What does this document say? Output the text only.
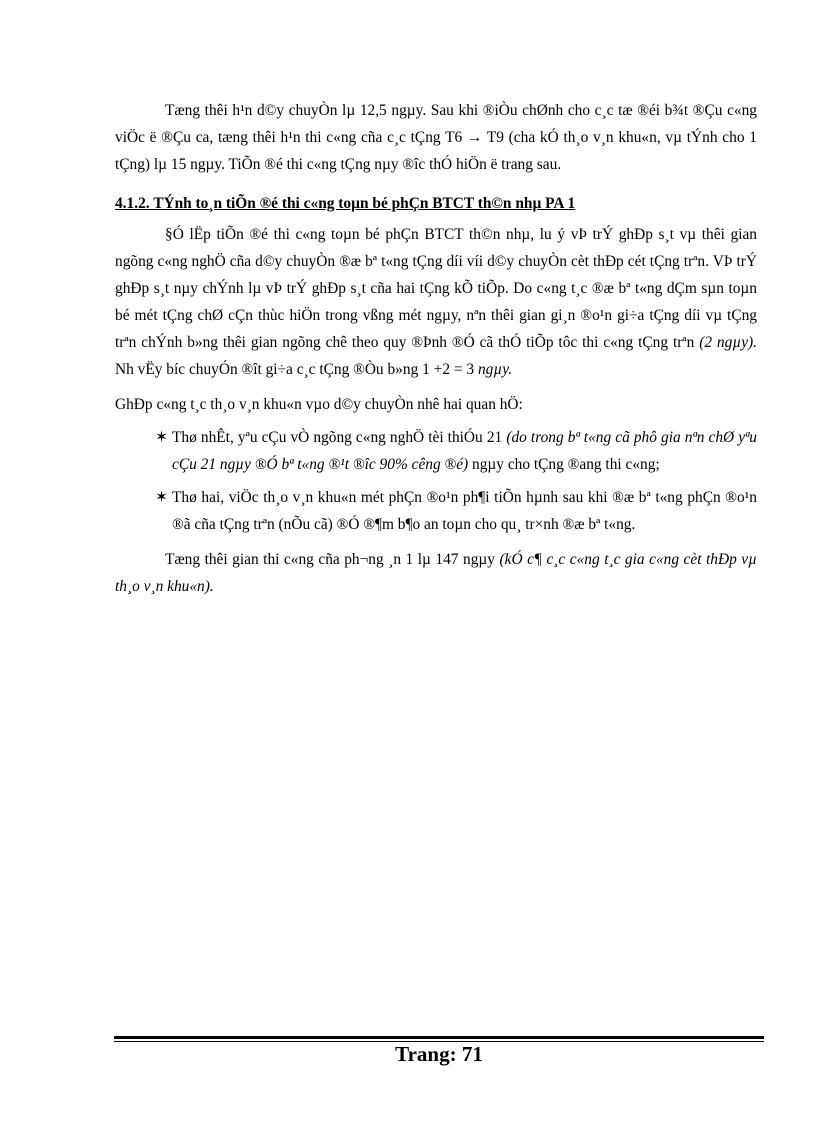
Tæng thêi h¹n d©y chuyÒn lµ 12,5 ngµy. Sau khi ®iÒu chØnh cho c¸c tæ ®éi b¾t ®Çu c«ng viÖc ë ®Çu ca, tæng thêi h¹n thi c«ng cña c¸c tÇng T6 → T9 (cha kÓ th¸o v¸n khu«n, vµ tÝnh cho 1 tÇng) lµ 15 ngµy. TiÕn ®é thi c«ng tÇng nµy ®îc thÓ hiÖn ë trang sau.

4.1.2. TÝnh to¸n tiÕn ®é thi c«ng toµn bé phÇn BTCT th©n nhµ PA 1

§Ó lËp tiÕn ®é thi c«ng toµn bé phÇn BTCT th©n nhµ, lu ý vÞ trÝ ghÐp s¸t vµ thêi gian ngõng c«ng nghÖ cña d©y chuyÒn ®æ bª t«ng tÇng díi víi d©y chuyÒn cèt thÐp cét tÇng trªn. VÞ trÝ ghÐp s¸t nµy chÝnh lµ vÞ trÝ ghÐp s¸t cña hai tÇng kÕ tiÕp. Do c«ng t¸c ®æ bª t«ng dÇm sµn toµn bé mét tÇng chØ cÇn thùc hiÖn trong vßng mét ngµy, nªn thêi gian gi¸n ®o¹n gi÷a tÇng díi vµ tÇng trªn chÝnh b»ng thêi gian ngõng chê theo quy ®Þnh ®Ó cã thÓ tiÕp tôc thi c«ng tÇng trªn (2 ngµy). Nh vËy bíc chuyÓn ®ît gi÷a c¸c tÇng ®Òu b»ng 1 +2 = 3 ngµy.

GhÐp c«ng t¸c th¸o v¸n khu«n vµo d©y chuyÒn nhê hai quan hÖ:

✶ Thø nhÊt, yªu cÇu vÒ ngõng c«ng nghÖ tèi thiÓu 21 (do trong bª t«ng cã phô gia nªn chØ yªu cÇu 21 ngµy ®Ó bª t«ng ®¹t ®îc 90% cêng ®é) ngµy cho tÇng ®ang thi c«ng;

✶ Thø hai, viÖc th¸o v¸n khu«n mét phÇn ®o¹n ph¶i tiÕn hµnh sau khi ®æ bª t«ng phÇn ®o¹n ®ã cña tÇng trªn (nÕu cã) ®Ó ®¶m b¶o an toµn cho qu¸ tr×nh ®æ bª t«ng.

Tæng thêi gian thi c«ng cña ph¬ng ¸n 1 lµ 147 ngµy (kÓ c¶ c¸c c«ng t¸c gia c«ng cèt thÐp vµ th¸o v¸n khu«n).

Trang: 71
